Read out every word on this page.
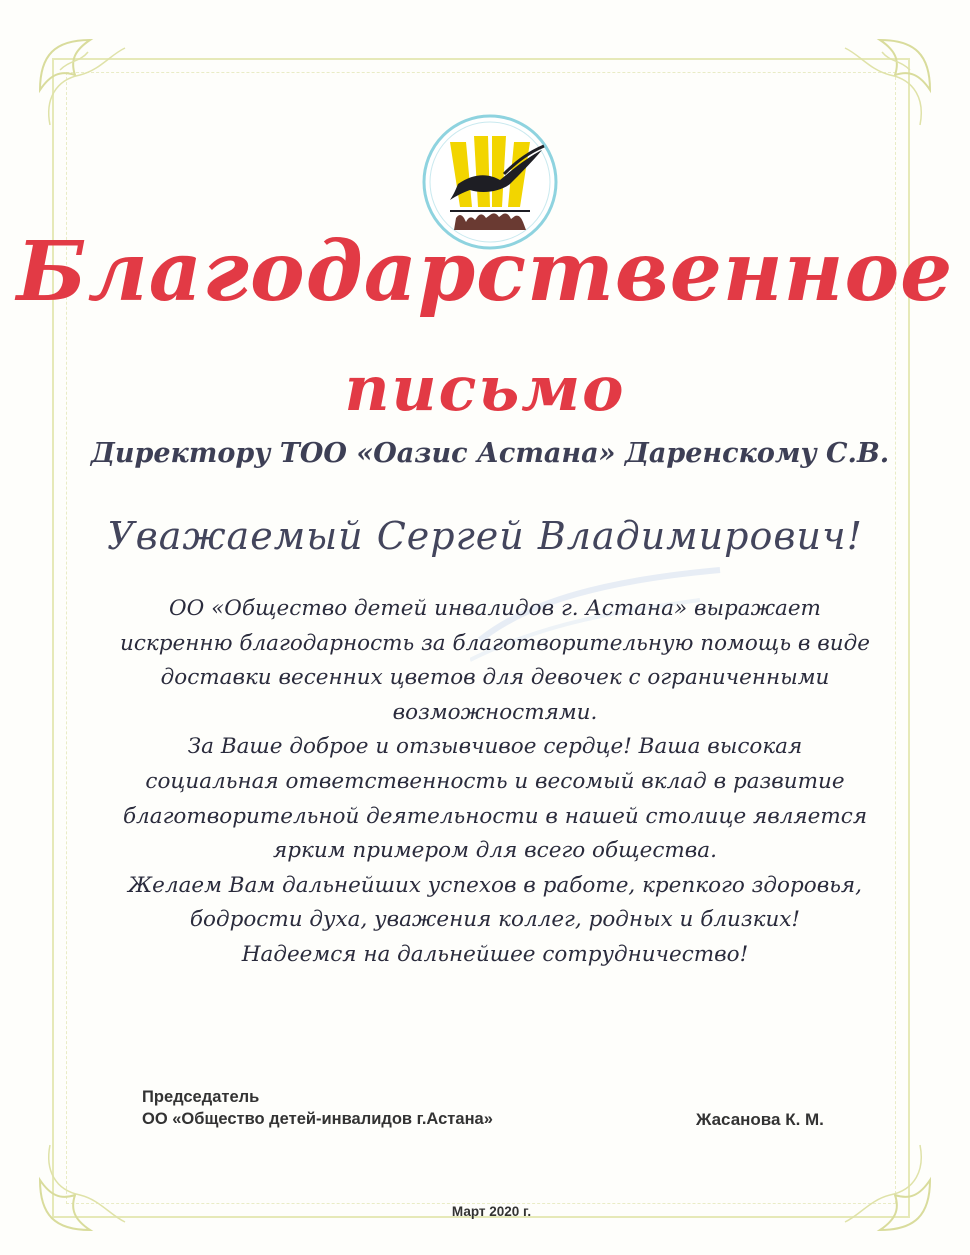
Благодарственное
письмо
Директору ТОО «Оазис Астана» Даренскому С.В.
Уважаемый Сергей Владимирович!

ОО «Общество детей инвалидов г. Астана» выражает искренню благодарность за благотворительную помощь в виде доставки весенних цветов для девочек с ограниченными возможностями.

За Ваше доброе и отзывчивое сердце! Ваша высокая социальная ответственность и весомый вклад в развитие благотворительной деятельности в нашей столице является ярким примером для всего общества.

Желаем Вам дальнейших успехов в работе, крепкого здоровья, бодрости духа, уважения коллег, родных и близких!

Надеемся на дальнейшее сотрудничество!

Председатель
ОО «Общество детей-инвалидов г.Астана»	Жасанова К. М.
Март 2020 г.
